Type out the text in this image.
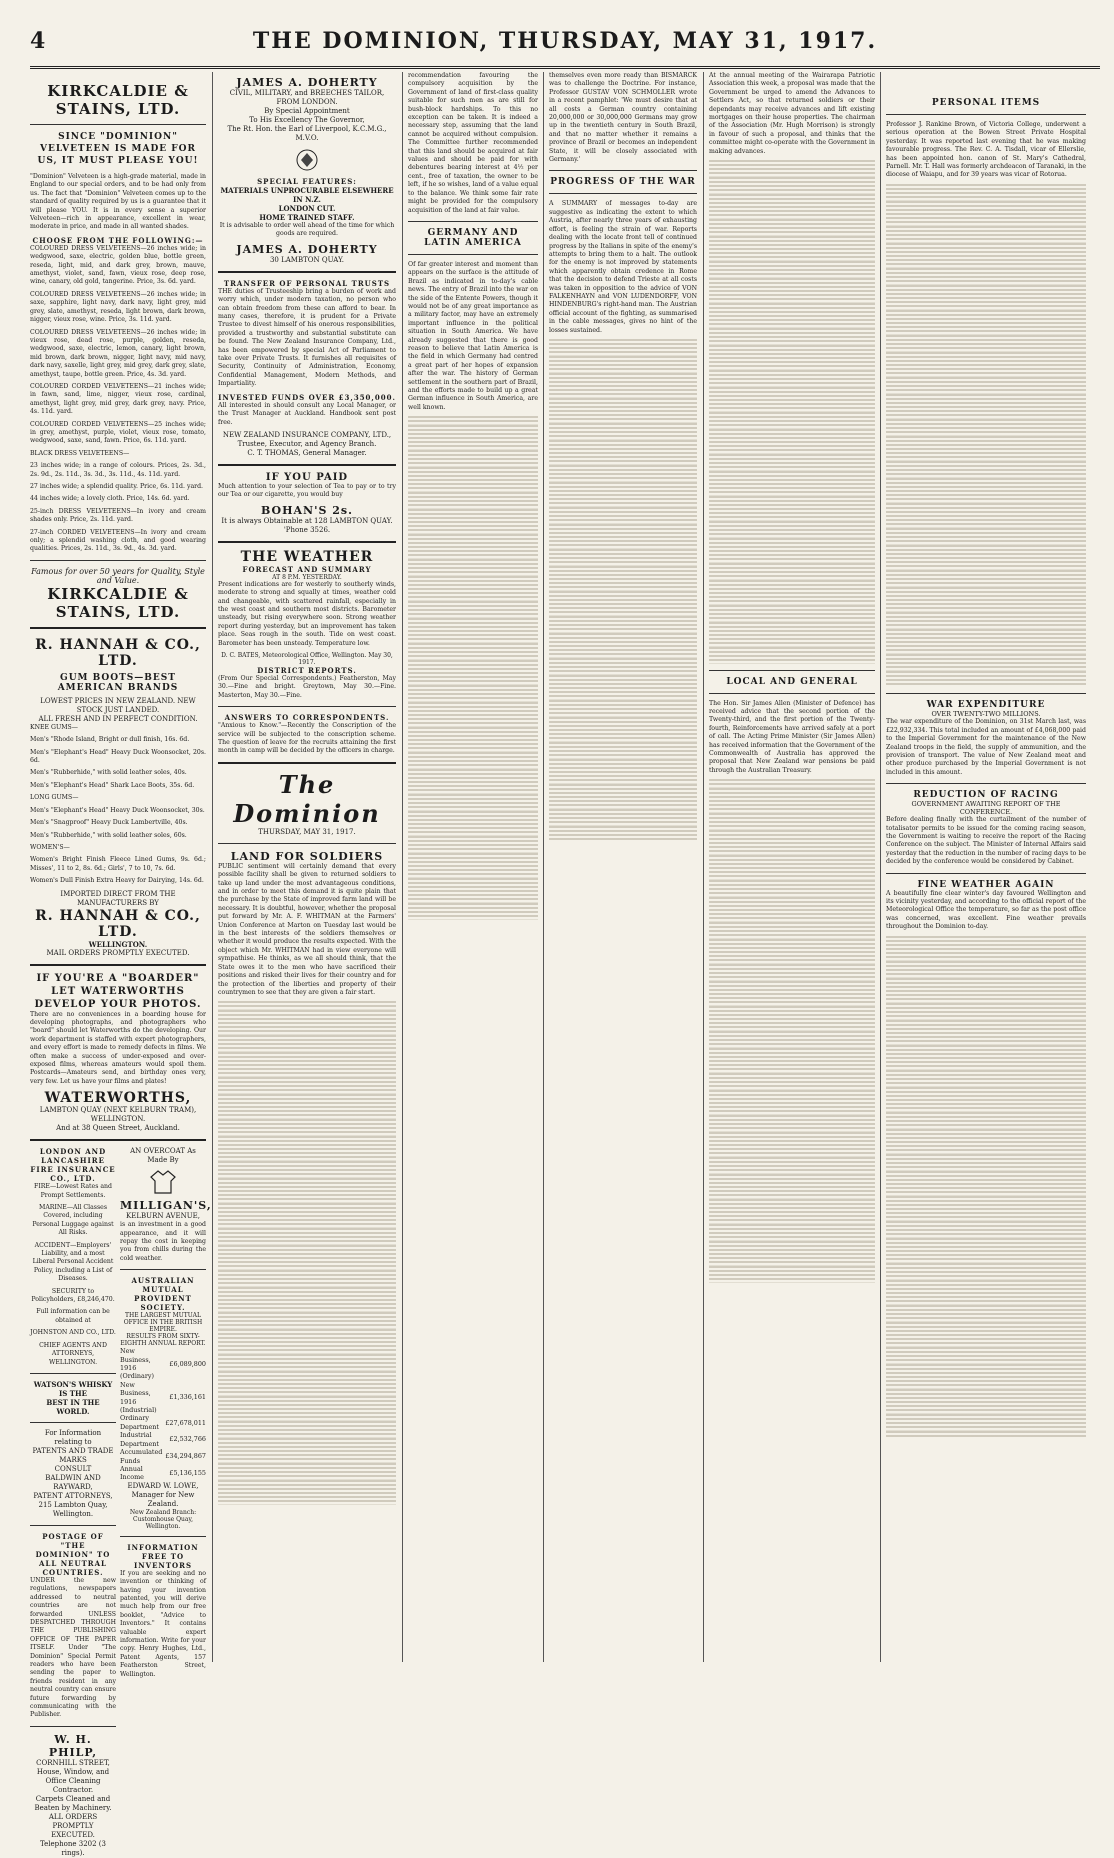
4	THE DOMINION, THURSDAY, MAY 31, 1917.
KIRKCALDIE & STAINS, LTD.
SINCE "DOMINION" VELVETEEN IS MADE FOR US, IT MUST PLEASE YOU!

"Dominion" Velveteen is a high-grade material, made in England to our special orders, and to be had only from us. The fact that "Dominion" Velveteen comes up to the standard of quality required by us is a guarantee that it will please YOU. It is in every sense a superior Velveteen—rich in appearance, excellent in wear, moderate in price, and made in all wanted shades.

CHOOSE FROM THE FOLLOWING:—
COLOURED DRESS VELVETEENS—26 inches wide; in wedgwood, saxe, electric, golden blue, bottle green, reseda, light, mid, and dark grey, brown, mauve, amethyst, violet, sand, fawn, vieux rose, deep rose, wine, canary, old gold, tangerine. Price, 3s. 6d. yard.
COLOURED DRESS VELVETEENS—26 inches wide; in saxe, sapphire, light navy, dark navy, light grey, mid grey, slate, amethyst, reseda, light brown, dark brown, nigger, vieux rose, wine. Price, 3s. 11d. yard.
COLOURED DRESS VELVETEENS—26 inches wide; in vieux rose, dead rose, purple, golden, reseda, wedgwood, saxe, electric, lemon, canary, light brown, mid brown, dark brown, nigger, light navy, mid navy, dark navy, saxelle, light grey, mid grey, dark grey, slate, amethyst, taupe, bottle green. Price, 4s. 3d. yard.
COLOURED CORDED VELVETEENS—21 inches wide; in fawn, sand, lime, nigger, vieux rose, cardinal, amethyst, light grey, mid grey, dark grey, navy. Price, 4s. 11d. yard.
COLOURED CORDED VELVETEENS—25 inches wide; in grey, amethyst, purple, violet, vieux rose, tomato, wedgwood, saxe, sand, fawn. Price, 6s. 11d. yard.
BLACK DRESS VELVETEENS—
23 inches wide; in a range of colours. Prices, 2s. 3d., 2s. 9d., 2s. 11d., 3s. 3d., 3s. 11d., 4s. 11d. yard.
27 inches wide; a splendid quality. Price, 6s. 11d. yard.
44 inches wide; a lovely cloth. Price, 14s. 6d. yard.
25-inch DRESS VELVETEENS—In ivory and cream shades only. Price, 2s. 11d. yard.
27-inch CORDED VELVETEENS—In ivory and cream only; a splendid washing cloth, and good wearing qualities. Prices, 2s. 11d., 3s. 9d., 4s. 3d. yard.
Famous for over 50 years for Quality, Style and Value.
KIRKCALDIE & STAINS, LTD.
R. HANNAH & CO., LTD.
GUM BOOTS—BEST AMERICAN BRANDS
LOWEST PRICES IN NEW ZEALAND. NEW STOCK JUST LANDED.
ALL FRESH AND IN PERFECT CONDITION.
KNEE GUMS—
Men's "Rhode Island, Bright or dull finish, 16s. 6d.
Men's "Elephant's Head" Heavy Duck Woonsocket, 20s. 6d.
Men's "Rubberhide," with solid leather soles, 40s.
Men's "Elephant's Head" Shark Lace Boots, 35s. 6d.
LONG GUMS—
Men's "Elephant's Head" Heavy Duck Woonsocket, 30s.
Men's "Snagproof" Heavy Duck Lambertville, 40s.
Men's "Rubberhide," with solid leather soles, 60s.
WOMEN'S—
Women's Bright Finish Fleece Lined Gums, 9s. 6d.; Misses', 11 to 2, 8s. 6d.; Girls', 7 to 10, 7s. 6d.
Women's Dull Finish Extra Heavy for Dairying, 14s. 6d.
IMPORTED DIRECT FROM THE MANUFACTURERS BY
R. HANNAH & CO., LTD.
WELLINGTON.
MAIL ORDERS PROMPTLY EXECUTED.
IF YOU'RE A "BOARDER" LET WATERWORTHS DEVELOP YOUR PHOTOS.

There are no conveniences in a boarding house for developing photographs, and photographers who "board" should let Waterworths do the developing. Our work department is staffed with expert photographers, and every effort is made to remedy defects in films. We often make a success of under-exposed and over-exposed films, whereas amateurs would spoil them. Postcards—Amateurs send, and birthday ones very, very few. Let us have your films and plates!

WATERWORTHS,
LAMBTON QUAY (NEXT KELBURN TRAM), WELLINGTON.
And at 38 Queen Street, Auckland.
LONDON AND LANCASHIRE FIRE INSURANCE CO., LTD.
FIRE—Lowest Rates and Prompt Settlements.
MARINE—All Classes Covered, including Personal Luggage against All Risks.
ACCIDENT—Employers' Liability, and a most Liberal Personal Accident Policy, including a List of Diseases.
SECURITY to Policyholders, £8,246,470.
Full information can be obtained at
JOHNSTON AND CO., LTD.
CHIEF AGENTS AND ATTORNEYS, WELLINGTON.
WATSON'S WHISKY
IS THE
BEST IN THE WORLD.
For Information relating to
PATENTS AND TRADE MARKS
CONSULT
BALDWIN AND RAYWARD,
PATENT ATTORNEYS,
215 Lambton Quay, Wellington.
POSTAGE OF "THE DOMINION" TO ALL NEUTRAL COUNTRIES.

UNDER the new regulations, newspapers addressed to neutral countries are not forwarded UNLESS DESPATCHED THROUGH THE PUBLISHING OFFICE OF THE PAPER ITSELF. Under "The Dominion" Special Permit readers who have been sending the paper to friends resident in any neutral country can ensure future forwarding by communicating with the Publisher.

W. H. PHILP,
CORNHILL STREET,
House, Window, and Office Cleaning Contractor.
Carpets Cleaned and Beaten by Machinery.
ALL ORDERS PROMPTLY EXECUTED.
Telephone 3202 (3 rings).
AN OVERCOAT As Made By
MILLIGAN'S,
KELBURN AVENUE,

is an investment in a good appearance, and it will repay the cost in keeping you from chills during the cold weather.

AUSTRALIAN MUTUAL PROVIDENT SOCIETY.
THE LARGEST MUTUAL OFFICE IN THE BRITISH EMPIRE.
RESULTS FROM SIXTY-EIGHTH ANNUAL REPORT.
New Business, 1916 (Ordinary)	£6,089,800
New Business, 1916 (Industrial)	£1,336,161
Ordinary Department	£27,678,011
Industrial Department	£2,532,766
Accumulated Funds	£34,294,867
Annual Income	£5,136,155
EDWARD W. LOWE, Manager for New Zealand.
New Zealand Branch: Customhouse Quay, Wellington.
INFORMATION FREE TO INVENTORS

If you are seeking and no invention or thinking of having your invention patented, you will derive much help from our free booklet, "Advice to Inventors." It contains valuable expert information. Write for your copy. Henry Hughes, Ltd., Patent Agents, 157 Featherston Street, Wellington.

JAMES A. DOHERTY
CIVIL, MILITARY, and BREECHES TAILOR,
FROM LONDON.
By Special Appointment
To His Excellency The Governor,
The Rt. Hon. the Earl of Liverpool, K.C.M.G., M.V.O.
SPECIAL FEATURES:
MATERIALS UNPROCURABLE ELSEWHERE IN N.Z.
LONDON CUT.
HOME TRAINED STAFF.

It is advisable to order well ahead of the time for which goods are required.

JAMES A. DOHERTY
30 LAMBTON QUAY.
TRANSFER OF PERSONAL TRUSTS

THE duties of Trusteeship bring a burden of work and worry which, under modern taxation, no person who can obtain freedom from these can afford to bear. In many cases, therefore, it is prudent for a Private Trustee to divest himself of his onerous responsibilities, provided a trustworthy and substantial substitute can be found. The New Zealand Insurance Company, Ltd., has been empowered by special Act of Parliament to take over Private Trusts. It furnishes all requisites of Security, Continuity of Administration, Economy, Confidential Management, Modern Methods, and Impartiality.

INVESTED FUNDS OVER £3,350,000.

All interested in should consult any Local Manager, or the Trust Manager at Auckland. Handbook sent post free.

NEW ZEALAND INSURANCE COMPANY, LTD.,
Trustee, Executor, and Agency Branch.
C. T. THOMAS, General Manager.
IF YOU PAID

Much attention to your selection of Tea to pay or to try our Tea or our cigarette, you would buy

BOHAN'S 2s.
It is always Obtainable at 128 LAMBTON QUAY. 'Phone 3526.
THE WEATHER
FORECAST AND SUMMARY
AT 8 P.M. YESTERDAY.

Present indications are for westerly to southerly winds, moderate to strong and squally at times, weather cold and changeable, with scattered rainfall, especially in the west coast and southern most districts. Barometer unsteady, but rising everywhere soon. Strong weather report during yesterday, but an improvement has taken place. Seas rough in the south. Tide on west coast. Barometer has been unsteady. Temperature low.

D. C. BATES, Meteorological Office, Wellington. May 30, 1917.
DISTRICT REPORTS.

(From Our Special Correspondents.) Featherston, May 30.—Fine and bright. Greytown, May 30.—Fine. Masterton, May 30.—Fine.

ANSWERS TO CORRESPONDENTS.

"Anxious to Know."—Recently the Conscription of the service will be subjected to the conscription scheme. The question of leave for the recruits attaining the first month in camp will be decided by the officers in charge.

The Dominion
THURSDAY, MAY 31, 1917.
LAND FOR SOLDIERS

PUBLIC sentiment will certainly demand that every possible facility shall be given to returned soldiers to take up land under the most advantageous conditions, and in order to meet this demand it is quite plain that the purchase by the State of improved farm land will be necessary. It is doubtful, however, whether the proposal put forward by Mr. A. F. WHITMAN at the Farmers' Union Conference at Marton on Tuesday last would be in the best interests of the soldiers themselves or whether it would produce the results expected. With the object which Mr. WHITMAN had in view everyone will sympathise. He thinks, as we all should think, that the State owes it to the men who have sacrificed their positions and risked their lives for their country and for the protection of the liberties and property of their countrymen to see that they are given a fair start.

recommendation favouring the compulsory acquisition by the Government of land of first-class quality suitable for such men as are still for bush-block hardships. To this no exception can be taken. It is indeed a necessary step, assuming that the land cannot be acquired without compulsion. The Committee further recommended that this land should be acquired at fair values and should be paid for with debentures bearing interest at 4½ per cent., free of taxation, the owner to be left, if he so wishes, land of a value equal to the balance. We think some fair rate might be provided for the compulsory acquisition of the land at fair value.

GERMANY AND LATIN AMERICA

Of far greater interest and moment than appears on the surface is the attitude of Brazil as indicated in to-day's cable news. The entry of Brazil into the war on the side of the Entente Powers, though it would not be of any great importance as a military factor, may have an extremely important influence in the political situation in South America. We have already suggested that there is good reason to believe that Latin America is the field in which Germany had centred a great part of her hopes of expansion after the war. The history of German settlement in the southern part of Brazil, and the efforts made to build up a great German influence in South America, are well known.

themselves even more ready than BISMARCK was to challenge the Doctrine. For instance, Professor GUSTAV VON SCHMOLLER wrote in a recent pamphlet: 'We must desire that at all costs a German country containing 20,000,000 or 30,000,000 Germans may grow up in the twentieth century in South Brazil, and that no matter whether it remains a province of Brazil or becomes an independent State, it will be closely associated with Germany.'

PROGRESS OF THE WAR

A SUMMARY of messages to-day are suggestive as indicating the extent to which Austria, after nearly three years of exhausting effort, is feeling the strain of war. Reports dealing with the locate front tell of continued progress by the Italians in spite of the enemy's attempts to bring them to a halt. The outlook for the enemy is not improved by statements which apparently obtain credence in Rome that the decision to defend Trieste at all costs was taken in opposition to the advice of VON FALKENHAYN and VON LUDENDORFF, VON HINDENBURG's right-hand man. The Austrian official account of the fighting, as summarised in the cable messages, gives no hint of the losses sustained.

At the annual meeting of the Wairarapa Patriotic Association this week, a proposal was made that the Government be urged to amend the Advances to Settlers Act, so that returned soldiers or their dependants may receive advances and lift existing mortgages on their house properties. The chairman of the Association (Mr. Hugh Morrison) is strongly in favour of such a proposal, and thinks that the committee might co-operate with the Government in making advances.

LOCAL AND GENERAL

The Hon. Sir James Allen (Minister of Defence) has received advice that the second portion of the Twenty-third, and the first portion of the Twenty-fourth, Reinforcements have arrived safely at a port of call. The Acting Prime Minister (Sir James Allen) has received information that the Government of the Commonwealth of Australia has approved the proposal that New Zealand war pensions be paid through the Australian Treasury.

PERSONAL ITEMS

Professor J. Rankine Brown, of Victoria College, underwent a serious operation at the Bowen Street Private Hospital yesterday. It was reported last evening that he was making favourable progress. The Rev. C. A. Tisdall, vicar of Ellerslie, has been appointed hon. canon of St. Mary's Cathedral, Parnell. Mr. T. Hall was formerly archdeacon of Taranaki, in the diocese of Waiapu, and for 39 years was vicar of Rotorua.

WAR EXPENDITURE
OVER TWENTY-TWO MILLIONS.

The war expenditure of the Dominion, on 31st March last, was £22,932,334. This total included an amount of £4,068,000 paid to the Imperial Government for the maintenance of the New Zealand troops in the field, the supply of ammunition, and the provision of transport. The value of New Zealand meat and other produce purchased by the Imperial Government is not included in this amount.

REDUCTION OF RACING
GOVERNMENT AWAITING REPORT OF THE CONFERENCE.

Before dealing finally with the curtailment of the number of totalisator permits to be issued for the coming racing season, the Government is waiting to receive the report of the Racing Conference on the subject. The Minister of Internal Affairs said yesterday that the reduction in the number of racing days to be decided by the conference would be considered by Cabinet.

FINE WEATHER AGAIN

A beautifully fine clear winter's day favoured Wellington and its vicinity yesterday, and according to the official report of the Meteorological Office the temperature, so far as the post office was concerned, was excellent. Fine weather prevails throughout the Dominion to-day.
